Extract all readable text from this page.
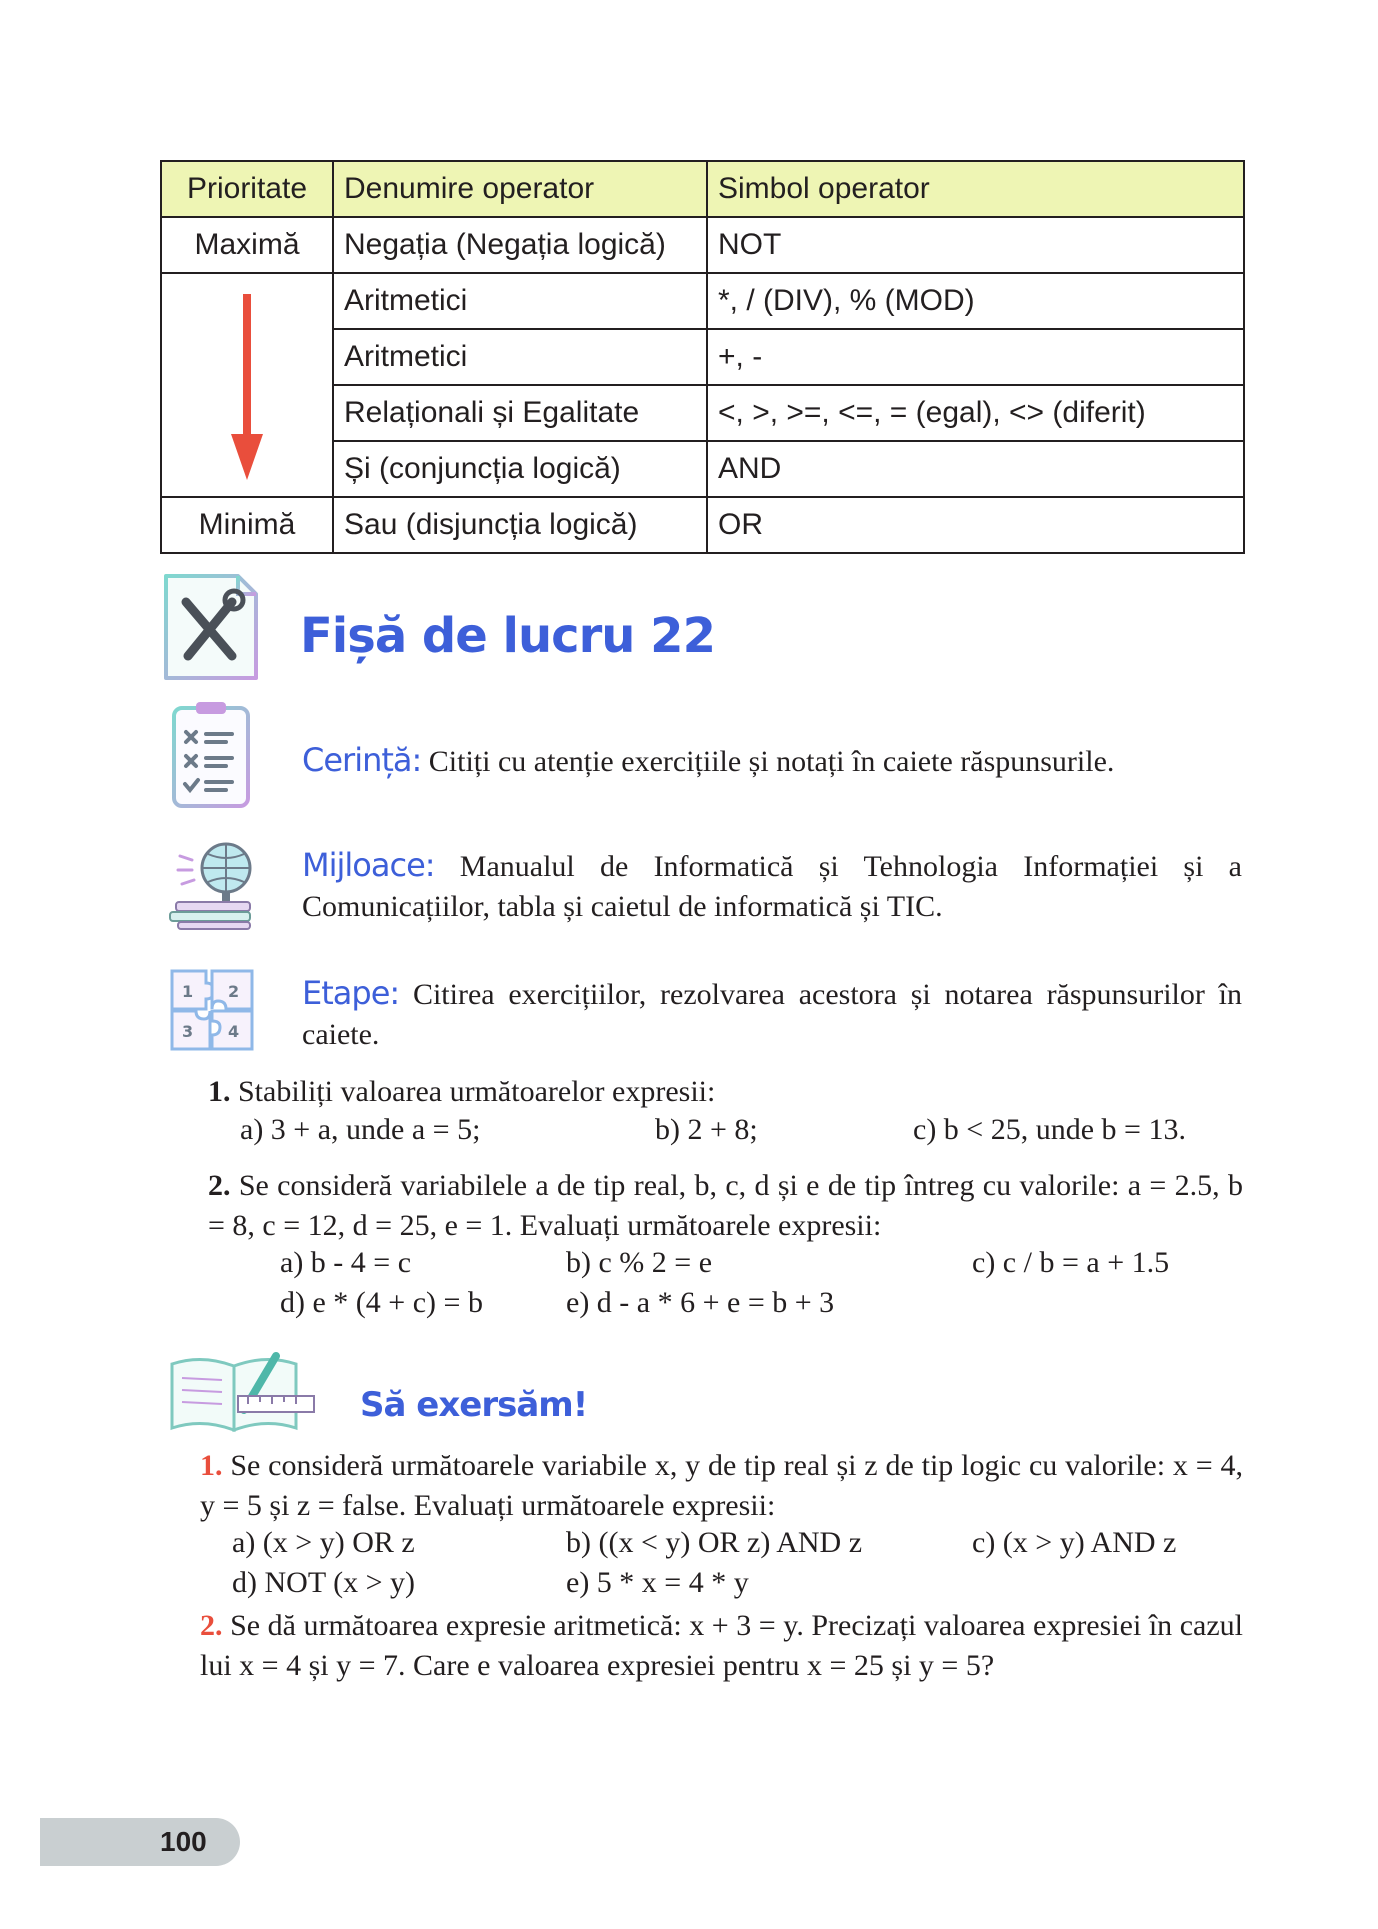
Prioritate	Denumire operator	Simbol operator
Maximă	Negația (Negația logică)	NOT

	Aritmetici	*, / (DIV), % (MOD)
	Aritmetici	+, -
	Relaționali și Egalitate	<, >, >=, <=, = (egal), <> (diferit)
	Și (conjuncția logică)	AND
Minimă	Sau (disjuncția logică)	OR
Fișă de lucru 22
Cerință: Citiți cu atenție exercițiile și notați în caiete răspunsurile.
Mijloace: Manualul de Informatică și Tehnologia Informației și a Comunicațiilor, tabla și caietul de informatică și TIC.
1 2
3 4
Etape: Citirea exercițiilor, rezolvarea acestora și notarea răspunsurilor în caiete.
1. Stabiliți valoarea următoarelor expresii:
a) 3 + a, unde a = 5;	b) 2 + 8;	c) b < 25, unde b = 13.
2. Se consideră variabilele a de tip real, b, c, d și e de tip întreg cu valorile: a = 2.5, b = 8, c = 12, d = 25, e = 1. Evaluați următoarele expresii:
a) b - 4 = c	b) c % 2 = e	c) c / b = a + 1.5
d) e * (4 + c) = b	e) d - a * 6 + e = b + 3
Să exersăm!
1. Se consideră următoarele variabile x, y de tip real și z de tip logic cu valorile: x = 4, y = 5 și z = false. Evaluați următoarele expresii:
a) (x > y) OR z	b) ((x < y) OR z) AND z	c) (x > y) AND z
d) NOT (x > y)	e) 5 * x = 4 * y
2. Se dă următoarea expresie aritmetică: x + 3 = y. Precizați valoarea expresiei în cazul lui x = 4 și y = 7. Care e valoarea expresiei pentru x = 25 și y = 5?
100
